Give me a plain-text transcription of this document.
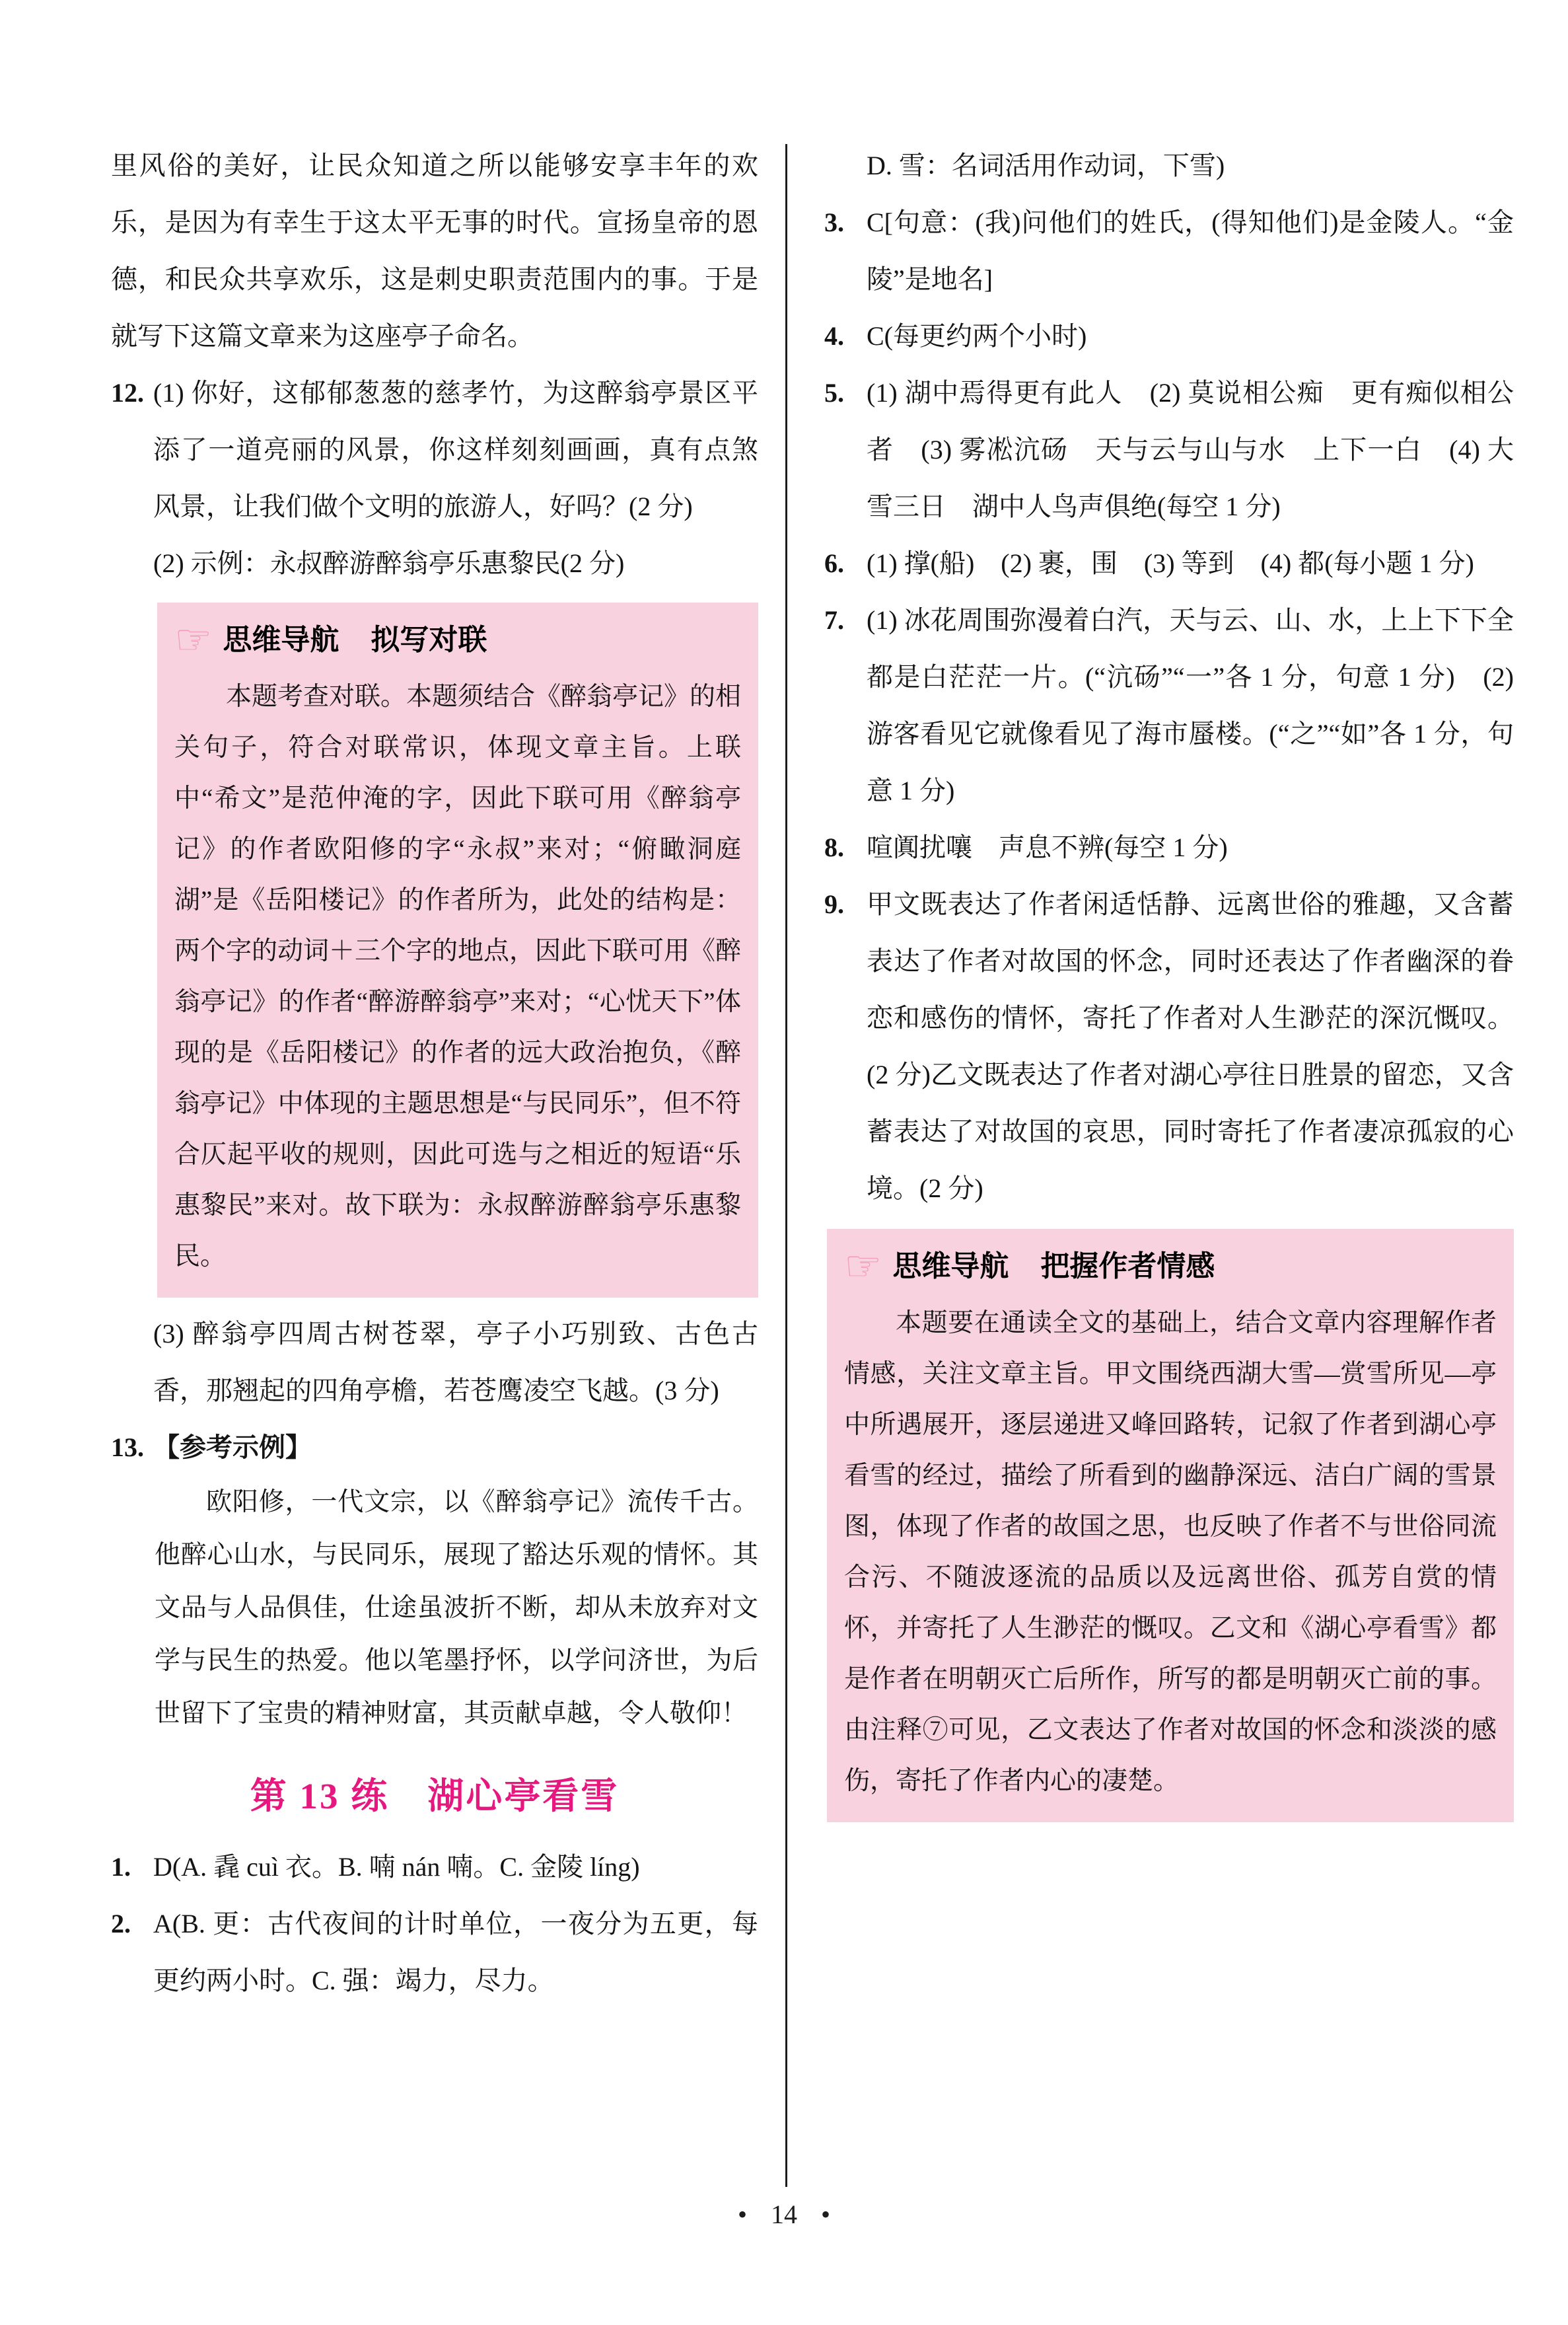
里风俗的美好，让民众知道之所以能够安享丰年的欢乐，是因为有幸生于这太平无事的时代。宣扬皇帝的恩德，和民众共享欢乐，这是刺史职责范围内的事。于是就写下这篇文章来为这座亭子命名。

12. (1) 你好，这郁郁葱葱的慈孝竹，为这醉翁亭景区平添了一道亮丽的风景，你这样刻刻画画，真有点煞风景，让我们做个文明的旅游人，好吗？(2 分)

(2) 示例：永叔醉游醉翁亭乐惠黎民(2 分)

☞ 思维导航 拟写对联

本题考查对联。本题须结合《醉翁亭记》的相关句子，符合对联常识，体现文章主旨。上联中“希文”是范仲淹的字，因此下联可用《醉翁亭记》的作者欧阳修的字“永叔”来对；“俯瞰洞庭湖”是《岳阳楼记》的作者所为，此处的结构是：两个字的动词＋三个字的地点，因此下联可用《醉翁亭记》的作者“醉游醉翁亭”来对；“心忧天下”体现的是《岳阳楼记》的作者的远大政治抱负，《醉翁亭记》中体现的主题思想是“与民同乐”，但不符合仄起平收的规则，因此可选与之相近的短语“乐惠黎民”来对。故下联为：永叔醉游醉翁亭乐惠黎民。

(3) 醉翁亭四周古树苍翠，亭子小巧别致、古色古香，那翘起的四角亭檐，若苍鹰凌空飞越。(3 分)

13. 【参考示例】

欧阳修，一代文宗，以《醉翁亭记》流传千古。他醉心山水，与民同乐，展现了豁达乐观的情怀。其文品与人品俱佳，仕途虽波折不断，却从未放弃对文学与民生的热爱。他以笔墨抒怀，以学问济世，为后世留下了宝贵的精神财富，其贡献卓越，令人敬仰！

第 13 练　湖心亭看雪
1. D(A. 毳 cuì 衣。B. 喃 nán 喃。C. 金陵 líng)

2. A(B. 更：古代夜间的计时单位，一夜分为五更，每更约两小时。C. 强：竭力，尽力。

D. 雪：名词活用作动词，下雪)

3. C[句意：(我)问他们的姓氏，(得知他们)是金陵人。“金陵”是地名]

4. C(每更约两个小时)

5. (1) 湖中焉得更有此人　(2) 莫说相公痴　更有痴似相公者　(3) 雾凇沆砀　天与云与山与水　上下一白　(4) 大雪三日　湖中人鸟声俱绝(每空 1 分)

6. (1) 撑(船)　(2) 裹，围　(3) 等到　(4) 都(每小题 1 分)

7. (1) 冰花周围弥漫着白汽，天与云、山、水，上上下下全都是白茫茫一片。(“沆砀”“一”各 1 分，句意 1 分)　(2) 游客看见它就像看见了海市蜃楼。(“之”“如”各 1 分，句意 1 分)

8. 喧阗扰嚷　声息不辨(每空 1 分)

9. 甲文既表达了作者闲适恬静、远离世俗的雅趣，又含蓄表达了作者对故国的怀念，同时还表达了作者幽深的眷恋和感伤的情怀，寄托了作者对人生渺茫的深沉慨叹。(2 分)乙文既表达了作者对湖心亭往日胜景的留恋，又含蓄表达了对故国的哀思，同时寄托了作者凄凉孤寂的心境。(2 分)

☞ 思维导航 把握作者情感

本题要在通读全文的基础上，结合文章内容理解作者情感，关注文章主旨。甲文围绕西湖大雪—赏雪所见—亭中所遇展开，逐层递进又峰回路转，记叙了作者到湖心亭看雪的经过，描绘了所看到的幽静深远、洁白广阔的雪景图，体现了作者的故国之思，也反映了作者不与世俗同流合污、不随波逐流的品质以及远离世俗、孤芳自赏的情怀，并寄托了人生渺茫的慨叹。乙文和《湖心亭看雪》都是作者在明朝灭亡后所作，所写的都是明朝灭亡前的事。由注释⑦可见，乙文表达了作者对故国的怀念和淡淡的感伤，寄托了作者内心的凄楚。

• 14 •
